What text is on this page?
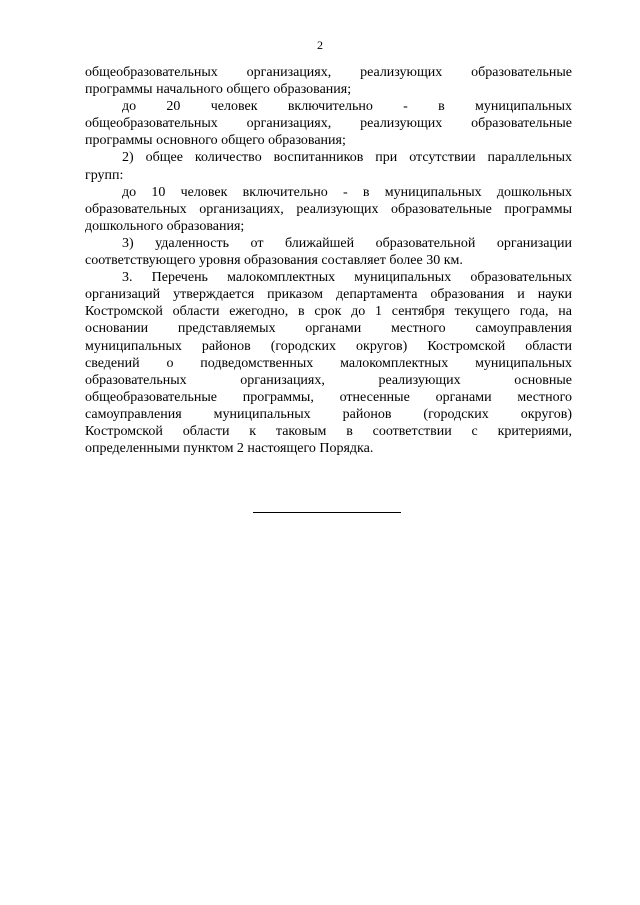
2
общеобразовательных организациях, реализующих образовательные
программы начального общего образования;
до 20 человек включительно - в муниципальных
общеобразовательных организациях, реализующих образовательные
программы основного общего образования;
2) общее количество воспитанников при отсутствии параллельных
групп:
до 10 человек включительно - в муниципальных дошкольных
образовательных организациях, реализующих образовательные программы
дошкольного образования;
3) удаленность от ближайшей образовательной организации
соответствующего уровня образования составляет более 30 км.
3. Перечень малокомплектных муниципальных образовательных
организаций утверждается приказом департамента образования и науки
Костромской области ежегодно, в срок до 1 сентября текущего года, на
основании представляемых органами местного самоуправления
муниципальных районов (городских округов) Костромской области
сведений о подведомственных малокомплектных муниципальных
образовательных организациях, реализующих основные
общеобразовательные программы, отнесенные органами местного
самоуправления муниципальных районов (городских округов)
Костромской области к таковым в соответствии с критериями,
определенными пунктом 2 настоящего Порядка.
